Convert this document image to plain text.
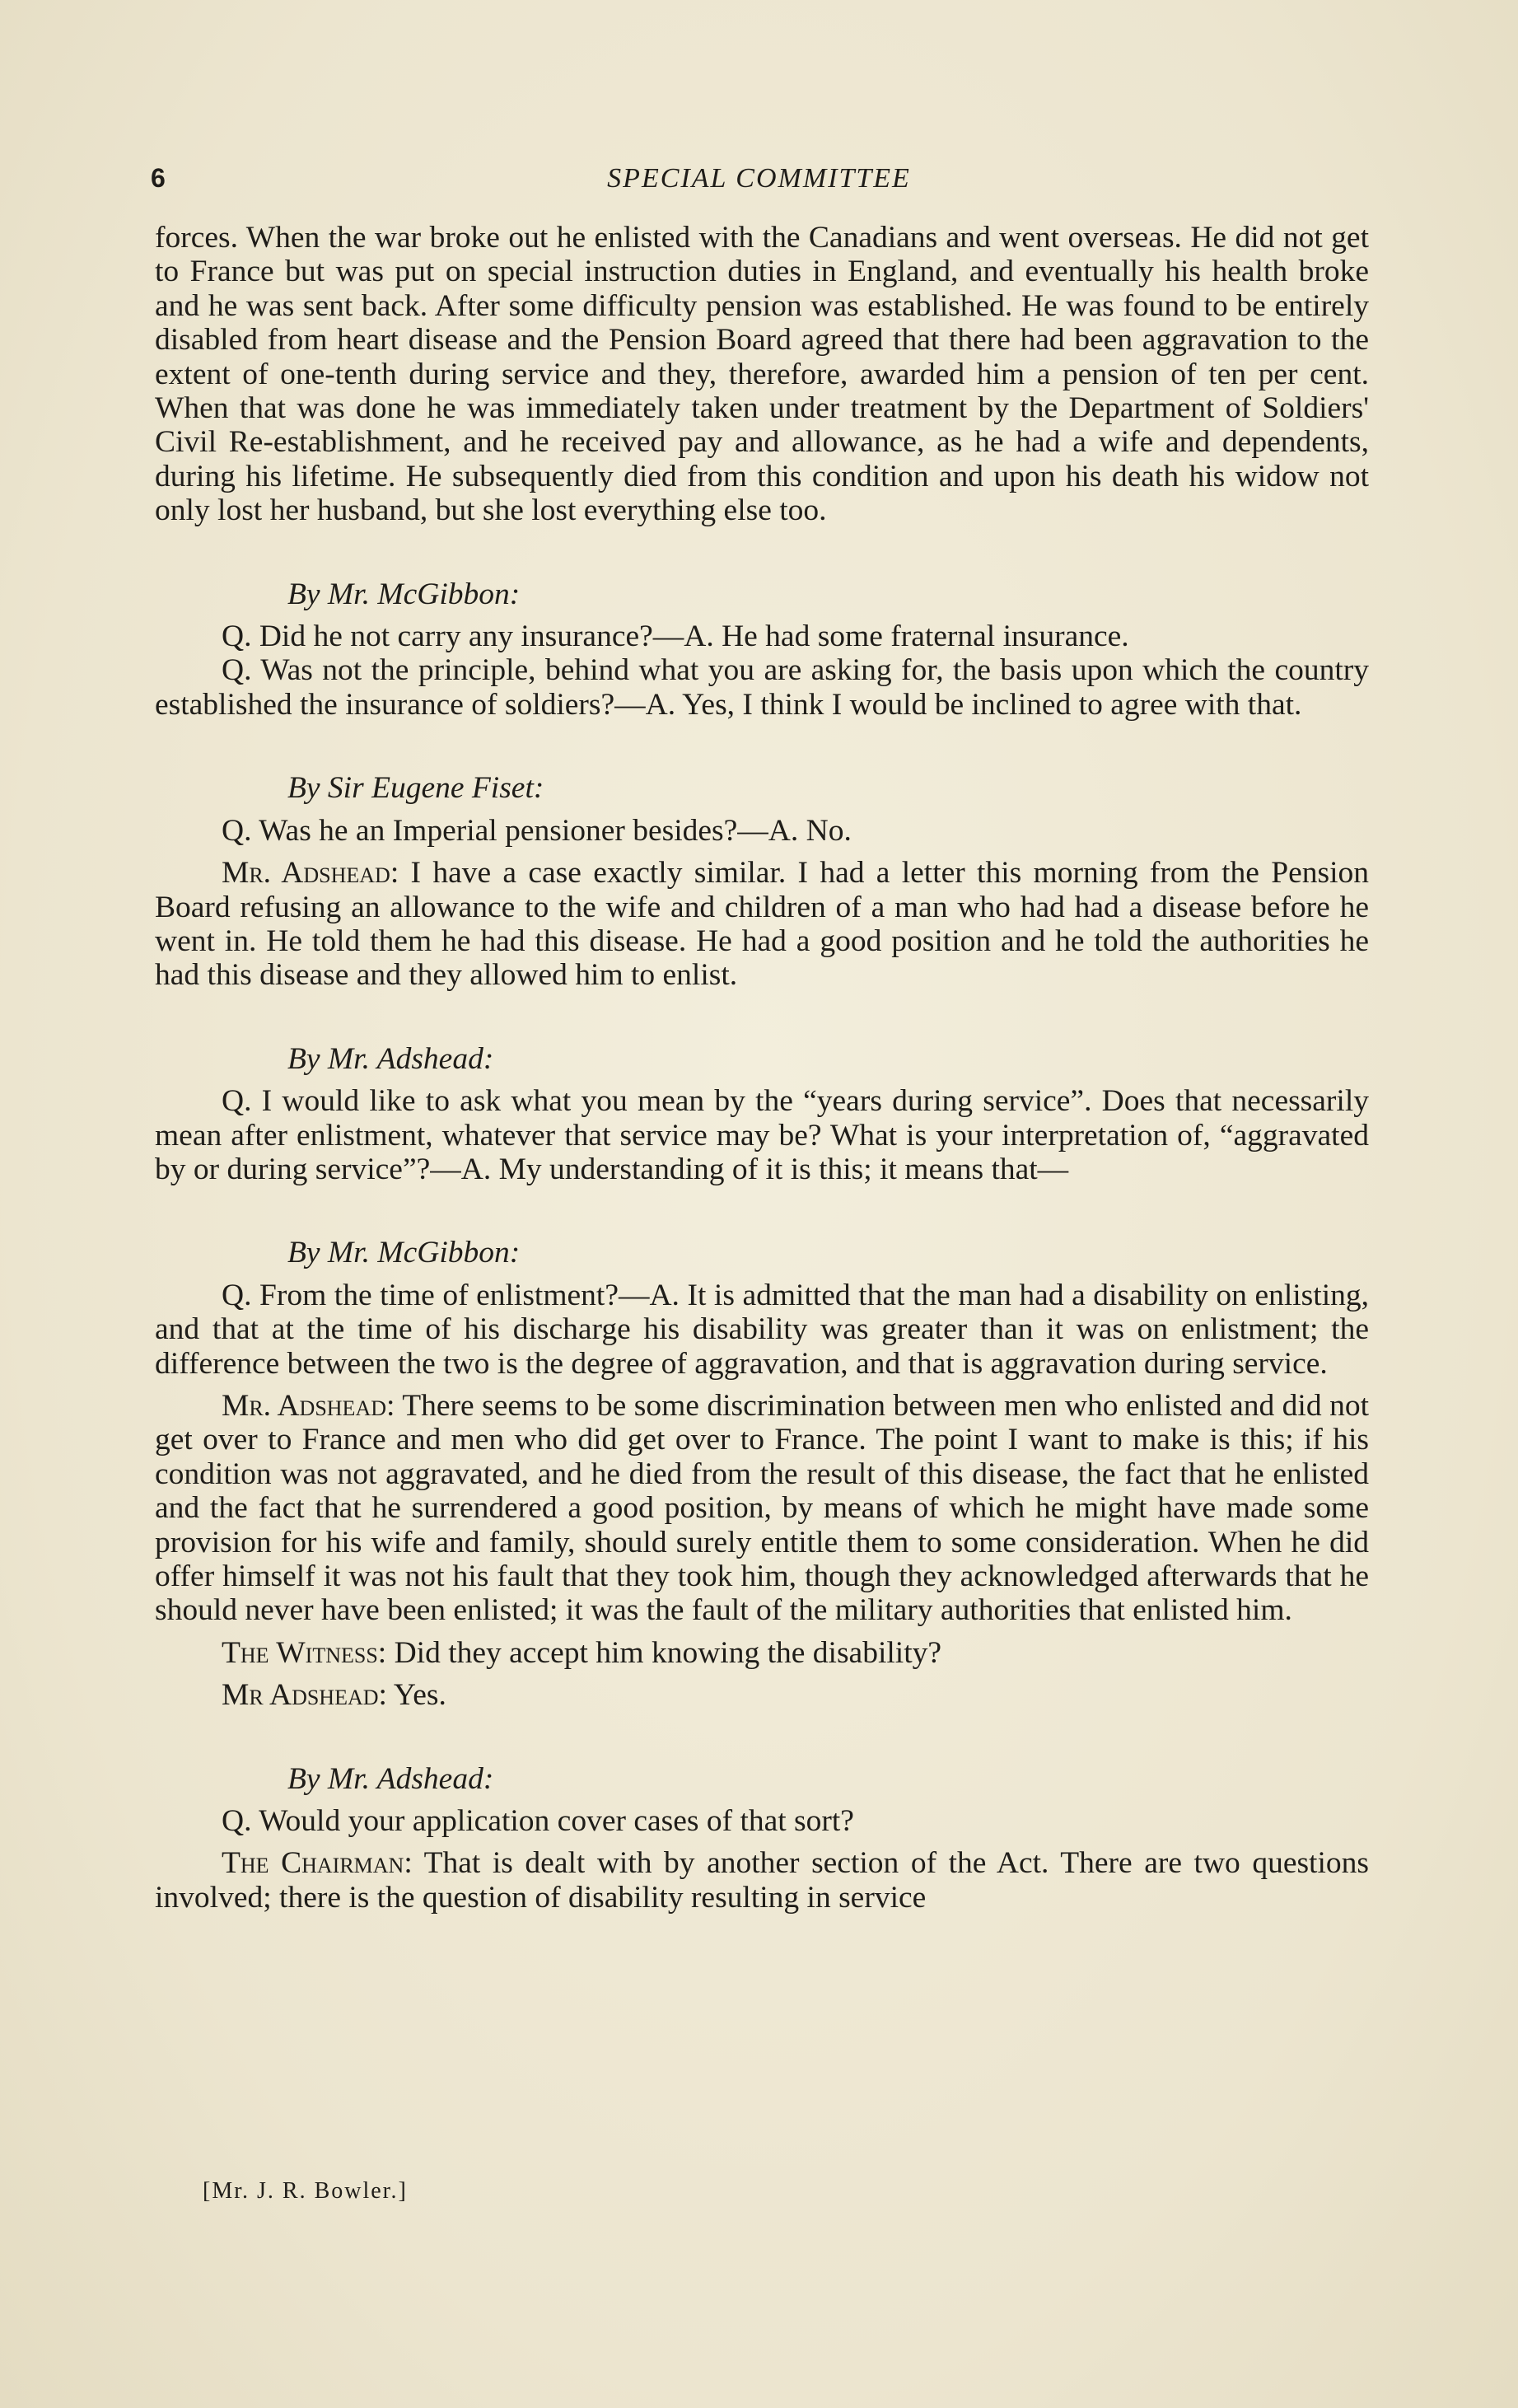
6	SPECIAL COMMITTEE

forces. When the war broke out he enlisted with the Canadians and went overseas. He did not get to France but was put on special instruction duties in England, and eventually his health broke and he was sent back. After some difficulty pension was established. He was found to be entirely disabled from heart disease and the Pension Board agreed that there had been aggravation to the extent of one-tenth during service and they, therefore, awarded him a pension of ten per cent. When that was done he was immediately taken under treatment by the Department of Soldiers' Civil Re-establishment, and he received pay and allowance, as he had a wife and dependents, during his lifetime. He subsequently died from this condition and upon his death his widow not only lost her husband, but she lost everything else too.

By Mr. McGibbon:

Q. Did he not carry any insurance?—A. He had some fraternal insurance.

Q. Was not the principle, behind what you are asking for, the basis upon which the country established the insurance of soldiers?—A. Yes, I think I would be inclined to agree with that.

By Sir Eugene Fiset:

Q. Was he an Imperial pensioner besides?—A. No.

Mr. Adshead: I have a case exactly similar. I had a letter this morning from the Pension Board refusing an allowance to the wife and children of a man who had had a disease before he went in. He told them he had this disease. He had a good position and he told the authorities he had this disease and they allowed him to enlist.

By Mr. Adshead:

Q. I would like to ask what you mean by the “years during service”. Does that necessarily mean after enlistment, whatever that service may be? What is your interpretation of, “aggravated by or during service”?—A. My understanding of it is this; it means that—

By Mr. McGibbon:

Q. From the time of enlistment?—A. It is admitted that the man had a disability on enlisting, and that at the time of his discharge his disability was greater than it was on enlistment; the difference between the two is the degree of aggravation, and that is aggravation during service.

Mr. Adshead: There seems to be some discrimination between men who enlisted and did not get over to France and men who did get over to France. The point I want to make is this; if his condition was not aggravated, and he died from the result of this disease, the fact that he enlisted and the fact that he surrendered a good position, by means of which he might have made some provision for his wife and family, should surely entitle them to some consideration. When he did offer himself it was not his fault that they took him, though they acknowledged afterwards that he should never have been enlisted; it was the fault of the military authorities that enlisted him.

The Witness: Did they accept him knowing the disability?

Mr Adshead: Yes.

By Mr. Adshead:

Q. Would your application cover cases of that sort?

The Chairman: That is dealt with by another section of the Act. There are two questions involved; there is the question of disability resulting in service

[Mr. J. R. Bowler.]
